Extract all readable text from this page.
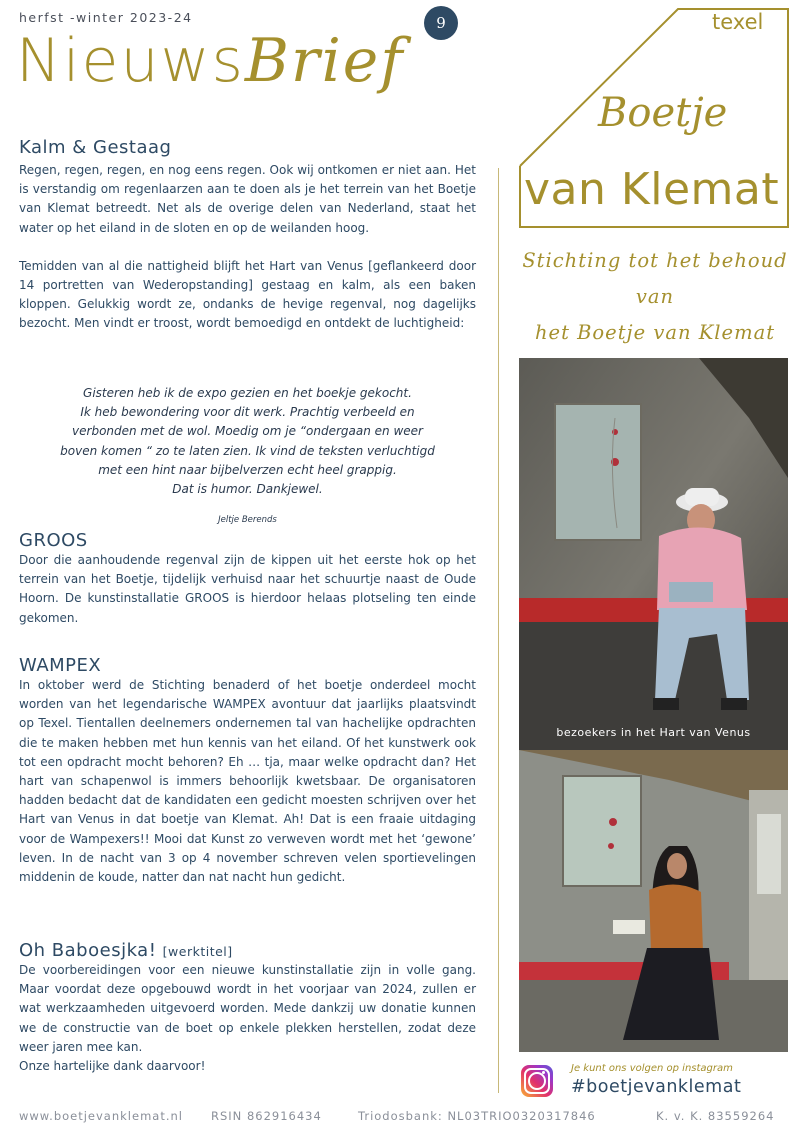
herfst -winter 2023-24
NieuwsBrief
9	texel
Boetje
van Klemat
Stichting tot het behoud van
het Boetje van Klemat
Kalm & Gestaag

Regen, regen, regen, en nog eens regen. Ook wij ontkomen er niet aan. Het is verstandig om regenlaarzen aan te doen als je het terrein van het Boetje van Klemat betreedt. Net als de overige delen van Nederland, staat het water op het eiland in de sloten en op de weilanden hoog.

Temidden van al die nattigheid blijft het Hart van Venus [geflankeerd door 14 portretten van Wederopstanding] gestaag en kalm, als een baken kloppen. Gelukkig wordt ze, ondanks de hevige regenval, nog dagelijks bezocht. Men vindt er troost, wordt bemoedigd en ontdekt de luchtigheid:

Gisteren heb ik de expo gezien en het boekje gekocht.
Ik heb bewondering voor dit werk. Prachtig verbeeld en
verbonden met de wol. Moedig om je “ondergaan en weer
boven komen “ zo te laten zien. Ik vind de teksten verluchtigd
met een hint naar bijbelverzen echt heel grappig.
Dat is humor. Dankjewel.
Jeltje Berends
GROOS

Door die aanhoudende regenval zijn de kippen uit het eerste hok op het terrein van het Boetje, tijdelijk verhuisd naar het schuurtje naast de Oude Hoorn. De kunstinstallatie GROOS is hierdoor helaas plotseling ten einde gekomen.

WAMPEX

In oktober werd de Stichting benaderd of het boetje onderdeel mocht worden van het legendarische WAMPEX avontuur dat jaarlijks plaatsvindt op Texel. Tientallen deelnemers ondernemen tal van hachelijke opdrachten die te maken hebben met hun kennis van het eiland. Of het kunstwerk ook tot een opdracht mocht behoren? Eh … tja, maar welke opdracht dan? Het hart van schapenwol is immers behoorlijk kwetsbaar. De organisatoren hadden bedacht dat de kandidaten een gedicht moesten schrijven over het Hart van Venus in dat boetje van Klemat. Ah! Dat is een fraaie uitdaging voor de Wampexers!! Mooi dat Kunst zo verweven wordt met het ‘gewone’ leven. In de nacht van 3 op 4 november schreven velen sportievelingen middenin de koude, natter dan nat nacht hun gedicht.

Oh Baboesjka! [werktitel]

De voorbereidingen voor een nieuwe kunstinstallatie zijn in volle gang. Maar voordat deze opgebouwd wordt in het voorjaar van 2024, zullen er wat werkzaamheden uitgevoerd worden. Mede dankzij uw donatie kunnen we de constructie van de boet op enkele plekken herstellen, zodat deze weer jaren mee kan.

Onze hartelijke dank daarvoor!

bezoekers in het Hart van Venus
Je kunt ons volgen op instagram
#boetjevanklemat
www.boetjevanklemat.nl RSIN 862916434	Triodosbank: NL03TRIO0320317846	K. v. K. 83559264
